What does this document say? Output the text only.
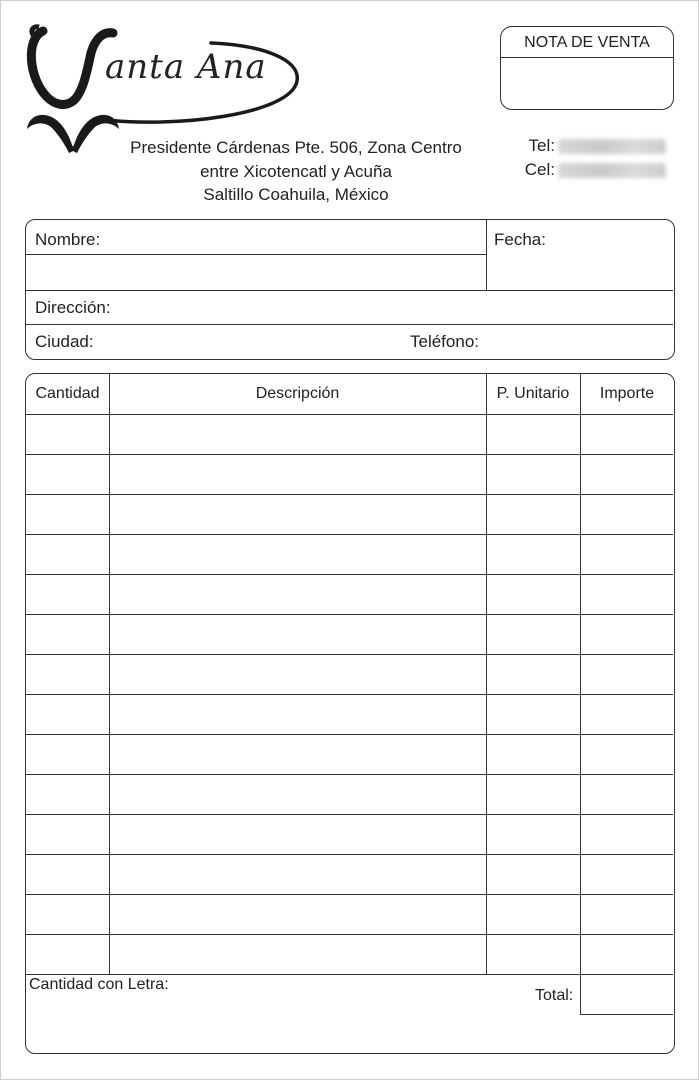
anta Ana
NOTA DE VENTA
Presidente Cárdenas Pte. 506, Zona Centro
entre Xicotencatl y Acuña
Saltillo Coahuila, México
Tel:
Cel:
Nombre:	Fecha:
Dirección:
Ciudad:	Teléfono:
Cantidad	Descripción	P. Unitario	Importe
Cantidad con Letra:
Total:
